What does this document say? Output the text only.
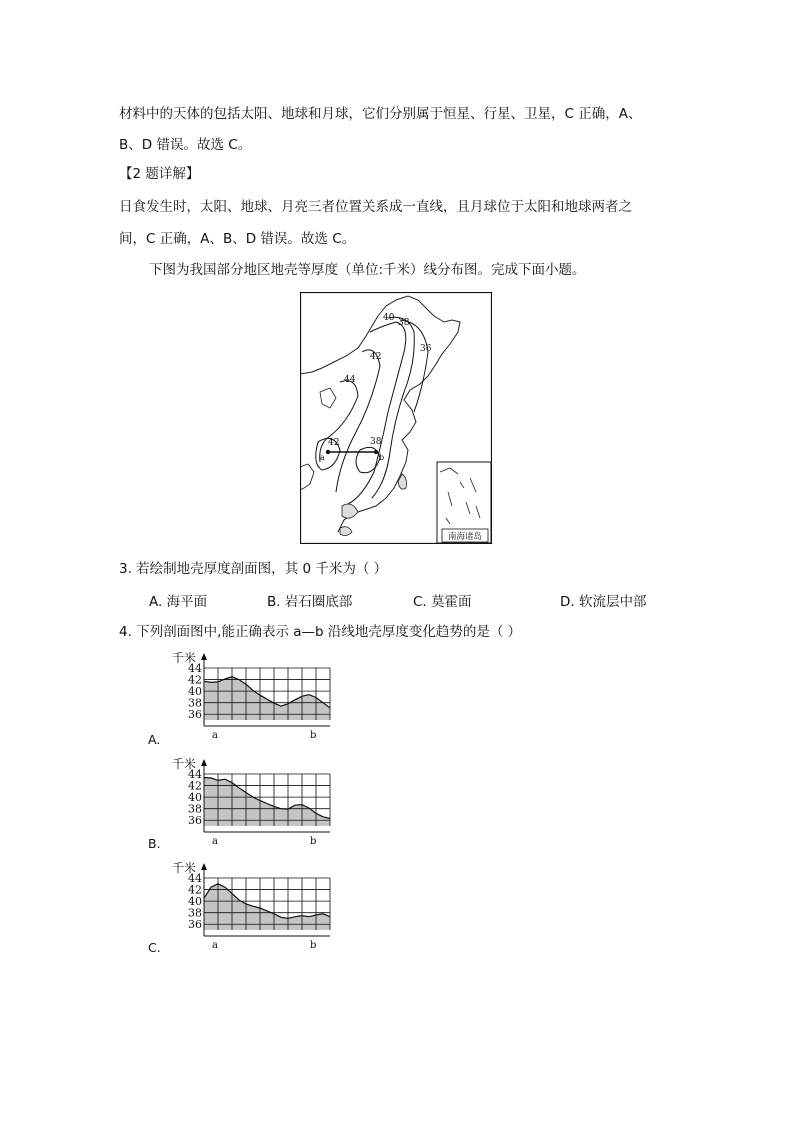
材料中的天体的包括太阳、地球和月球，它们分别属于恒星、行星、卫星，C 正确，A、
B、D 错误。故选 C。
【2 题详解】
日食发生时，太阳、地球、月亮三者位置关系成一直线，且月球位于太阳和地球两者之
间，C 正确，A、B、D 错误。故选 C。
下图为我国部分地区地壳等厚度（单位:千米）线分布图。完成下面小题。
40 38
36
42
44
42	38
a	b
南海诸岛
3. 若绘制地壳厚度剖面图，其 0 千米为（ ）
A. 海平面	B. 岩石圈底部	C. 莫霍面	D. 软流层中部
4. 下列剖面图中,能正确表示 a—b 沿线地壳厚度变化趋势的是（ ）
A.
B.
C.
44
42
40
38
36
千米
a	b
44
42
40
38
36
千米
a	b
44
42
40
38
36
千米
a	b
